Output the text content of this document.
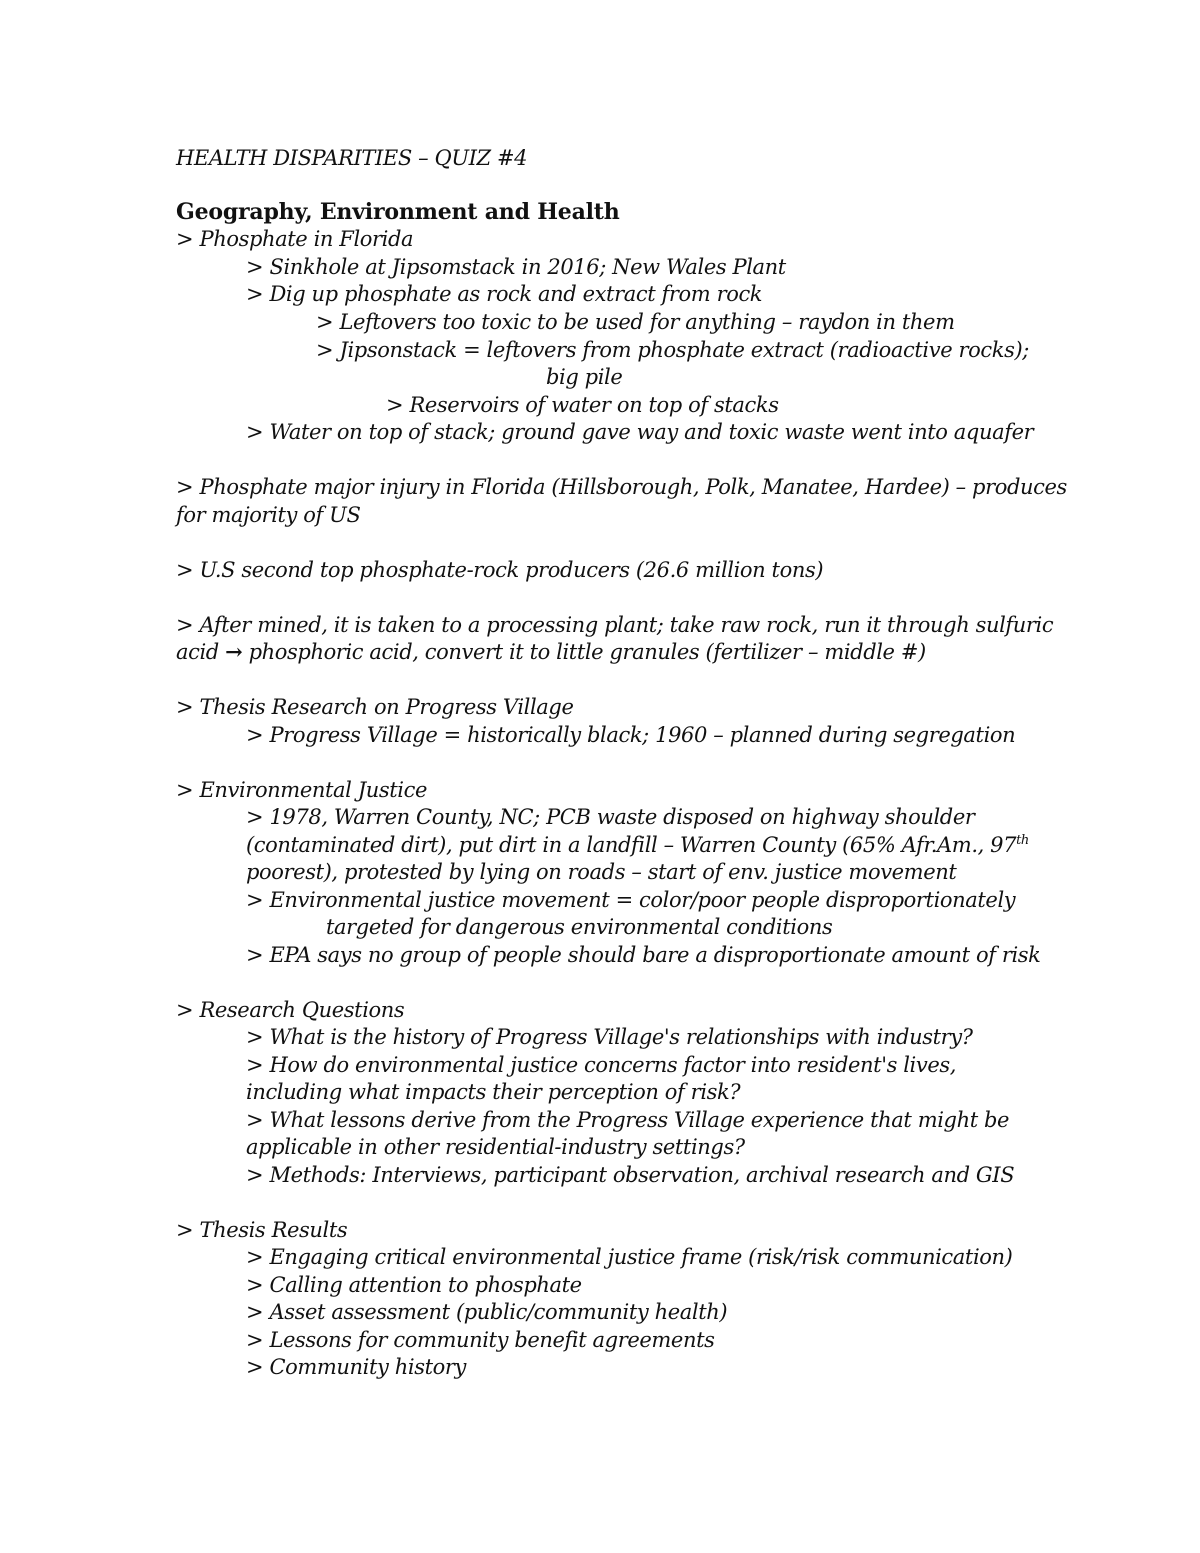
HEALTH DISPARITIES – QUIZ #4
Geography, Environment and Health
> Phosphate in Florida
> Sinkhole at Jipsomstack in 2016; New Wales Plant
> Dig up phosphate as rock and extract from rock
> Leftovers too toxic to be used for anything – raydon in them
> Jipsonstack = leftovers from phosphate extract (radioactive rocks);
big pile
> Reservoirs of water on top of stacks
> Water on top of stack; ground gave way and toxic waste went into aquafer
> Phosphate major injury in Florida (Hillsborough, Polk, Manatee, Hardee) – produces
for majority of US
> U.S second top phosphate-rock producers (26.6 million tons)
> After mined, it is taken to a processing plant; take raw rock, run it through sulfuric
acid → phosphoric acid, convert it to little granules (fertilizer – middle #)
> Thesis Research on Progress Village
> Progress Village = historically black; 1960 – planned during segregation
> Environmental Justice
> 1978, Warren County, NC; PCB waste disposed on highway shoulder
(contaminated dirt), put dirt in a landfill – Warren County (65% Afr.Am., 97th
poorest), protested by lying on roads – start of env. justice movement
> Environmental justice movement = color/poor people disproportionately
targeted for dangerous environmental conditions
> EPA says no group of people should bare a disproportionate amount of risk
> Research Questions
> What is the history of Progress Village's relationships with industry?
> How do environmental justice concerns factor into resident's lives,
including what impacts their perception of risk?
> What lessons derive from the Progress Village experience that might be
applicable in other residential-industry settings?
> Methods: Interviews, participant observation, archival research and GIS
> Thesis Results
> Engaging critical environmental justice frame (risk/risk communication)
> Calling attention to phosphate
> Asset assessment (public/community health)
> Lessons for community benefit agreements
> Community history
